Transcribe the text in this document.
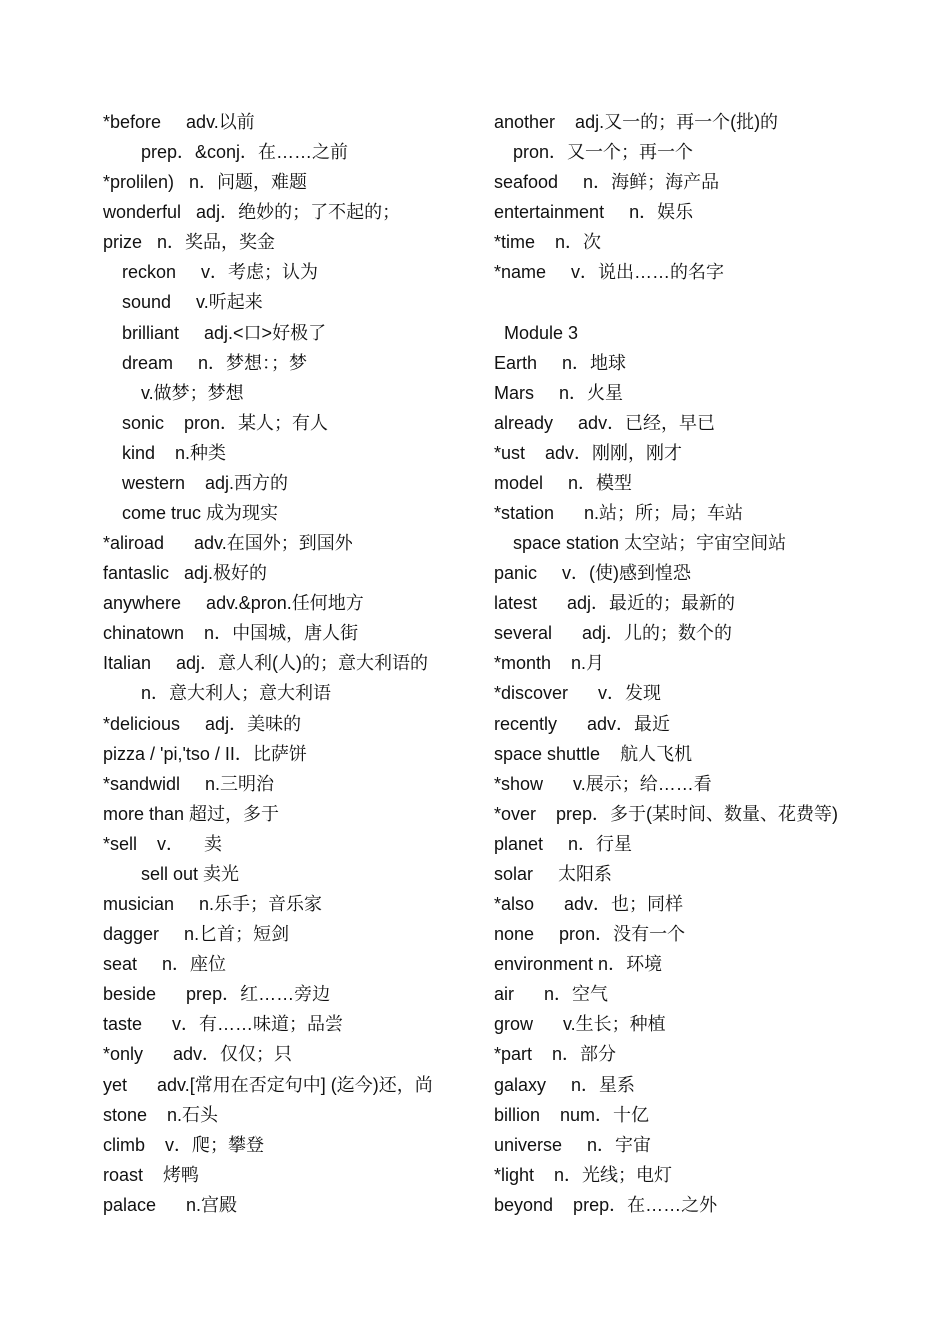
*before     adv.以前
prep．&conj．在……之前
*prolilen)   n．问题，难题
wonderful   adj．绝妙的；了不起的；
prize   n．奖品，奖金
reckon     v．考虑；认为
sound     v.听起来
brilliant     adj.<口>好极了
dream     n．梦想：；梦
v.做梦；梦想
sonic    pron．某人；有人
kind    n.种类
western    adj.西方的
come truc 成为现实
*aliroad      adv.在国外；到国外
fantaslic   adj.极好的
anywhere     adv.&pron.任何地方
chinatown    n．中国城，唐人街
Italian     adj．意人利(人)的；意大利语的
n．意大利人；意大利语
*delicious     adj．美味的
pizza / 'pi,'tso / II．比萨饼
*sandwidl     n.三明治
more than 超过，多于
*sell    v．    卖
sell out 卖光
musician     n.乐手；音乐家
dagger     n.匕首；短剑
seat     n．座位
beside      prep．红……旁边
taste      v．有……味道；品尝
*only      adv．仅仅；只
yet      adv.[常用在否定句中] (迄今)还，尚
stone    n.石头
climb    v．爬；攀登
roast    烤鸭
palace      n.宫殿
another    adj.又一的；再一个(批)的
pron．又一个；再一个
seafood     n．海鲜；海产品
entertainment     n．娱乐
*time    n．次
*name     v．说出……的名字
Module 3
Earth     n．地球
Mars     n．火星
already     adv．已经，早已
*ust    adv．刚刚，刚才
model     n．模型
*station      n.站；所；局；车站
space station 太空站；宇宙空间站
panic     v．(使)感到惶恐
latest      adj．最近的；最新的
several      adj．儿的；数个的
*month    n.月
*discover      v．发现
recently      adv．最近
space shuttle    航人飞机
*show      v.展示；给……看
*over    prep．多于(某时间、数量、花费等)
planet     n．行星
solar     太阳系
*also      adv．也；同样
none     pron．没有一个
environment n．环境
air      n．空气
grow      v.生长；种植
*part    n．部分
galaxy     n．星系
billion    num．十亿
universe     n．宇宙
*light    n．光线；电灯
beyond    prep．在……之外
